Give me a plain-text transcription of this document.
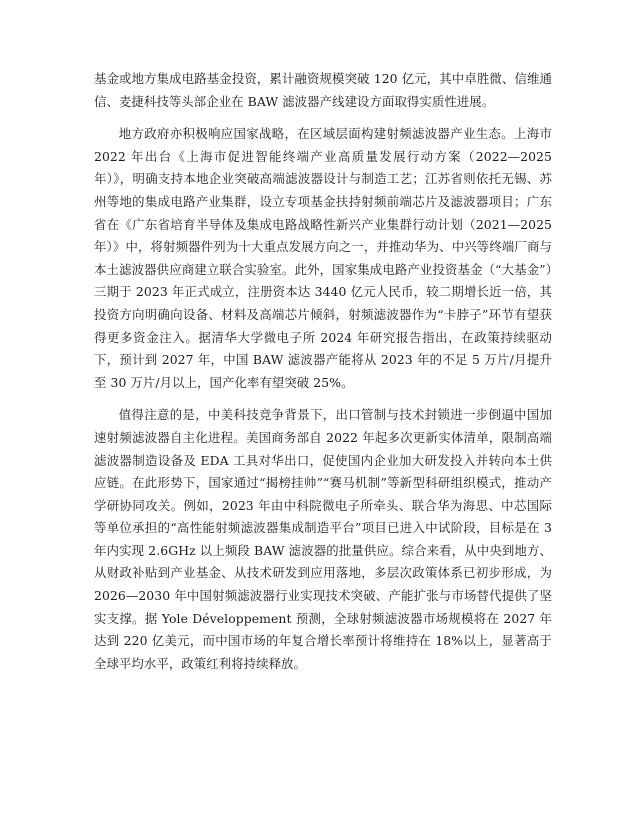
基金或地方集成电路基金投资，累计融资规模突破 120 亿元，其中卓胜微、信维通信、麦捷科技等头部企业在 BAW 滤波器产线建设方面取得实质性进展。

地方政府亦积极响应国家战略，在区域层面构建射频滤波器产业生态。上海市 2022 年出台《上海市促进智能终端产业高质量发展行动方案（2022—2025 年）》，明确支持本地企业突破高端滤波器设计与制造工艺；江苏省则依托无锡、苏州等地的集成电路产业集群，设立专项基金扶持射频前端芯片及滤波器项目；广东省在《广东省培育半导体及集成电路战略性新兴产业集群行动计划（2021—2025 年）》中，将射频器件列为十大重点发展方向之一，并推动华为、中兴等终端厂商与本土滤波器供应商建立联合实验室。此外，国家集成电路产业投资基金（“大基金”）三期于 2023 年正式成立，注册资本达 3440 亿元人民币，较二期增长近一倍，其投资方向明确向设备、材料及高端芯片倾斜，射频滤波器作为“卡脖子”环节有望获得更多资金注入。据清华大学微电子所 2024 年研究报告指出，在政策持续驱动下，预计到 2027 年，中国 BAW 滤波器产能将从 2023 年的不足 5 万片/月提升至 30 万片/月以上，国产化率有望突破 25%。

值得注意的是，中美科技竞争背景下，出口管制与技术封锁进一步倒逼中国加速射频滤波器自主化进程。美国商务部自 2022 年起多次更新实体清单，限制高端滤波器制造设备及 EDA 工具对华出口，促使国内企业加大研发投入并转向本土供应链。在此形势下，国家通过“揭榜挂帅”“赛马机制”等新型科研组织模式，推动产学研协同攻关。例如，2023 年由中科院微电子所牵头、联合华为海思、中芯国际等单位承担的“高性能射频滤波器集成制造平台”项目已进入中试阶段，目标是在 3 年内实现 2.6GHz 以上频段 BAW 滤波器的批量供应。综合来看，从中央到地方、从财政补贴到产业基金、从技术研发到应用落地，多层次政策体系已初步形成，为 2026—2030 年中国射频滤波器行业实现技术突破、产能扩张与市场替代提供了坚实支撑。据 Yole Développement 预测，全球射频滤波器市场规模将在 2027 年达到 220 亿美元，而中国市场的年复合增长率预计将维持在 18%以上，显著高于全球平均水平，政策红利将持续释放。
